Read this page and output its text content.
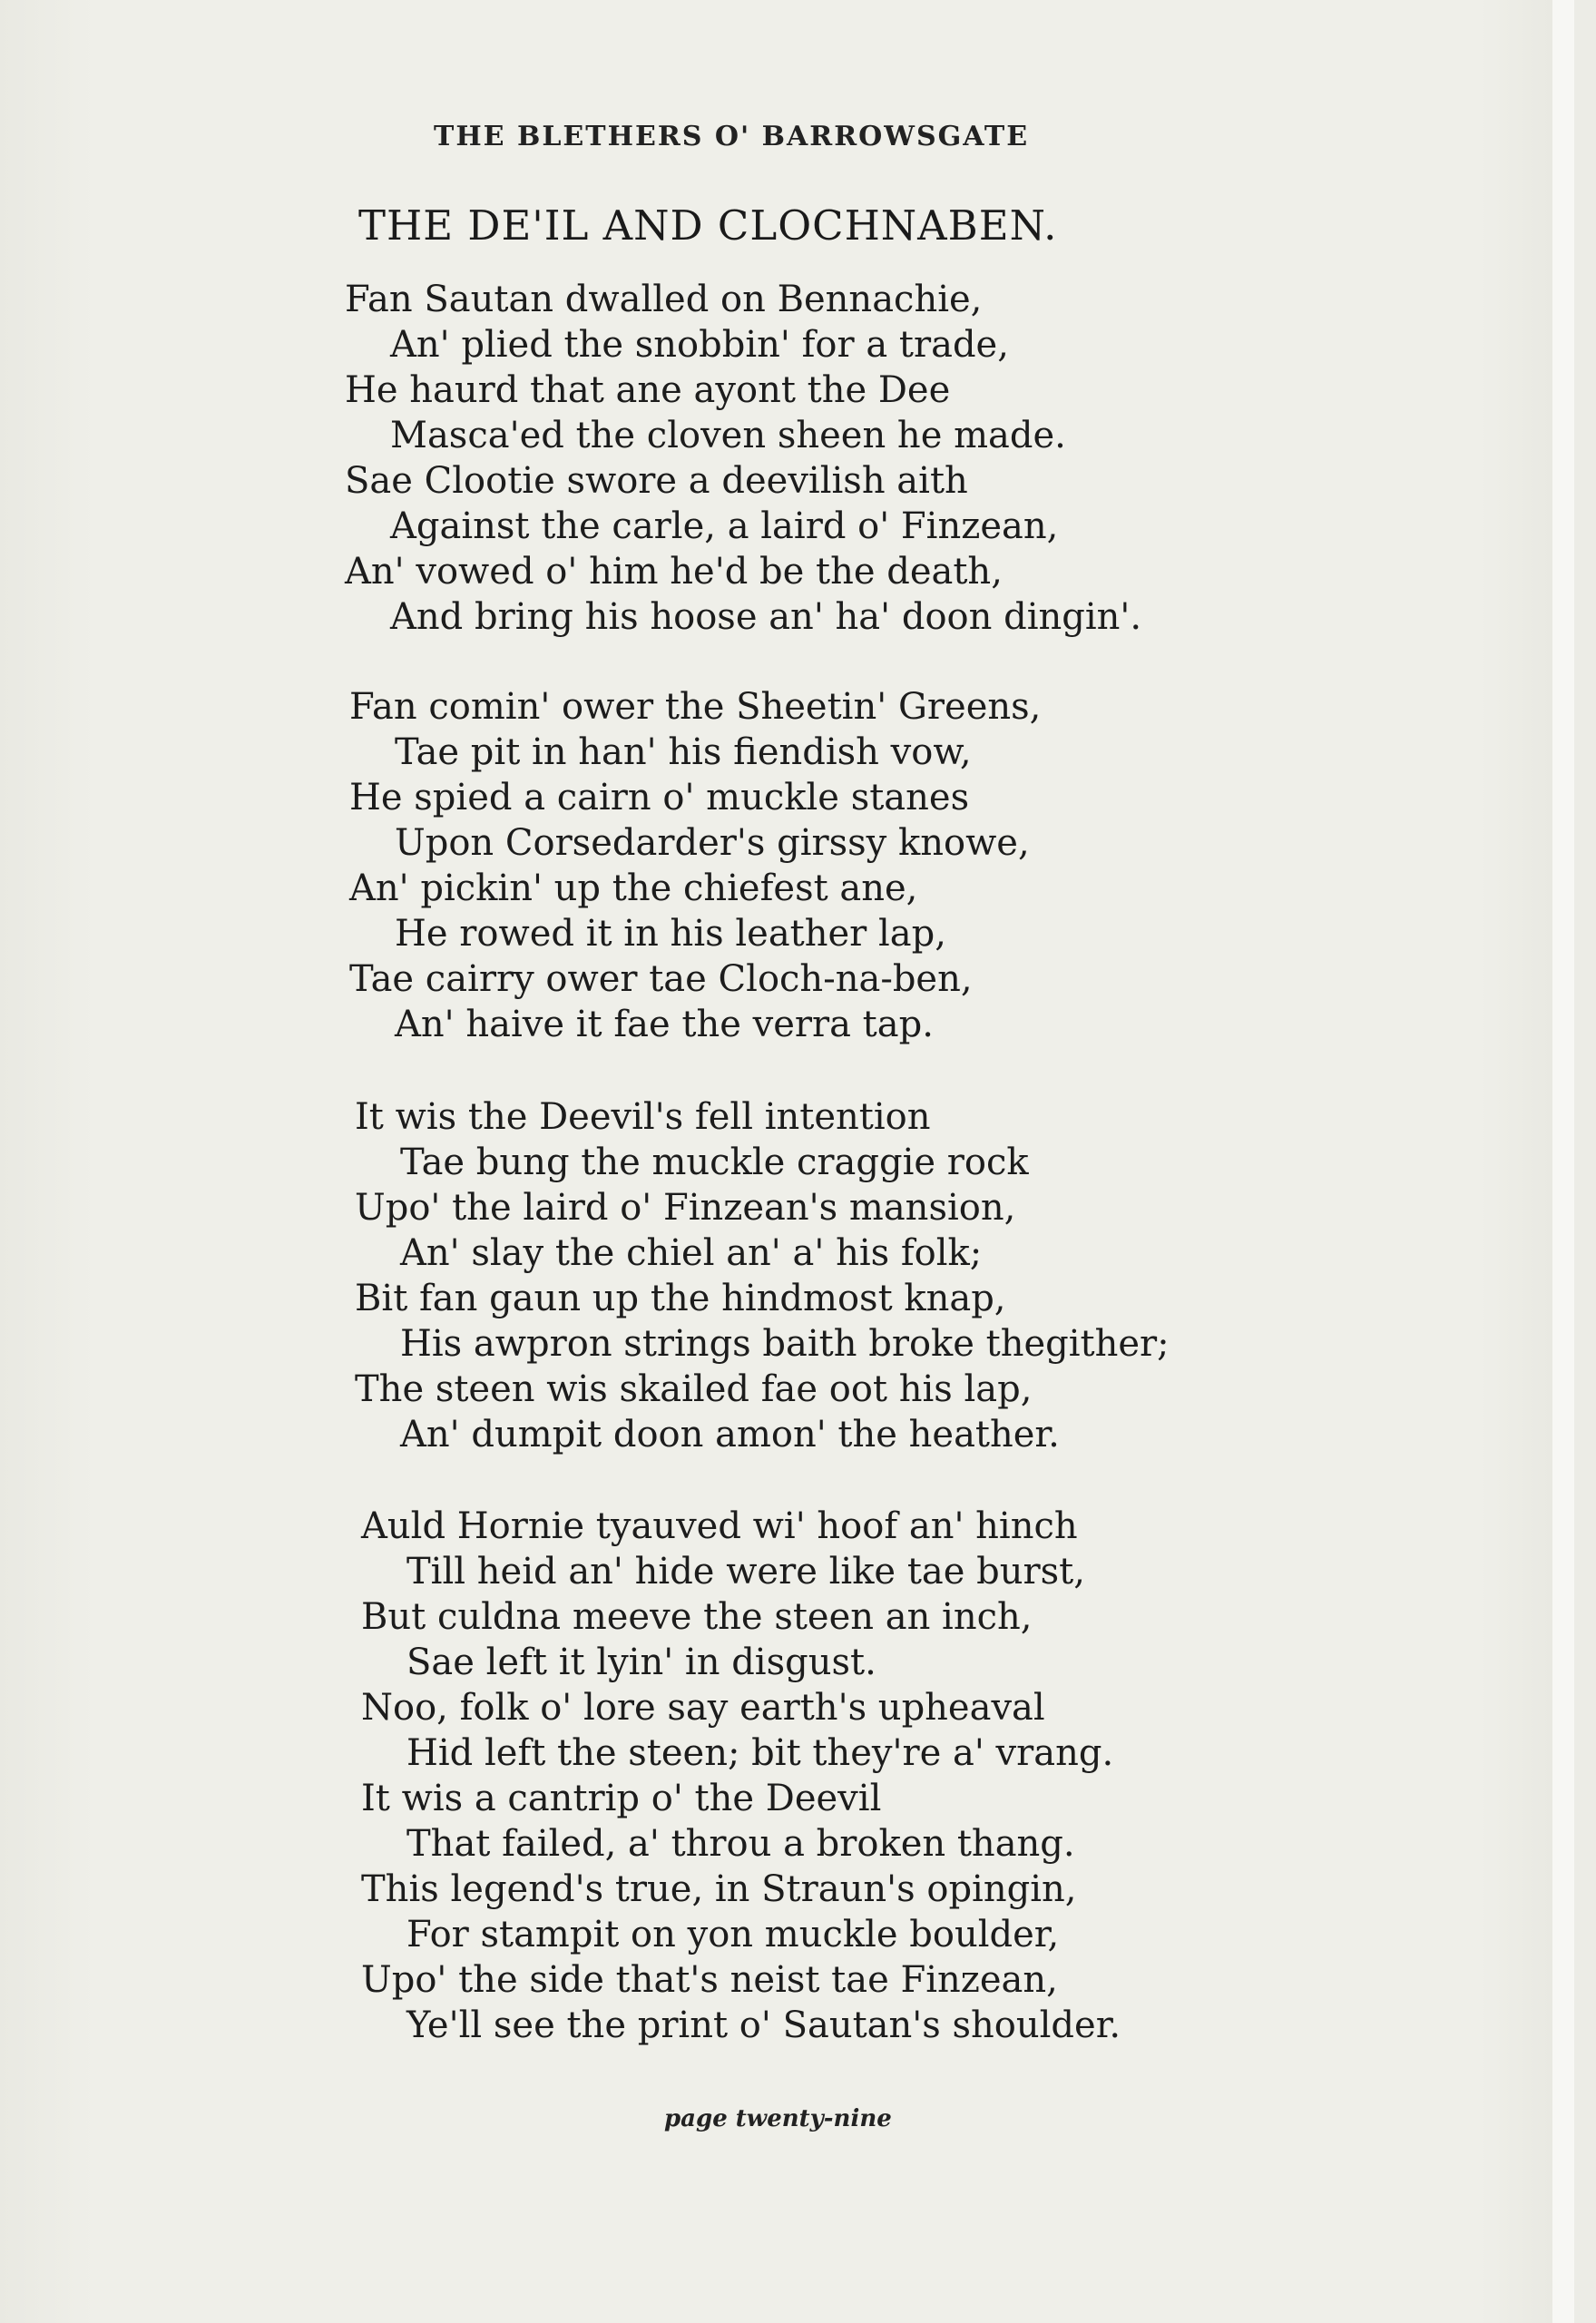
THE BLETHERS O' BARROWSGATE
THE DE'IL AND CLOCHNABEN.
Fan Sautan dwalled on Bennachie,
An' plied the snobbin' for a trade,
He haurd that ane ayont the Dee
Masca'ed the cloven sheen he made.
Sae Clootie swore a deevilish aith
Against the carle, a laird o' Finzean,
An' vowed o' him he'd be the death,
And bring his hoose an' ha' doon dingin'.
Fan comin' ower the Sheetin' Greens,
Tae pit in han' his fiendish vow,
He spied a cairn o' muckle stanes
Upon Corsedarder's girssy knowe,
An' pickin' up the chiefest ane,
He rowed it in his leather lap,
Tae cairry ower tae Cloch-na-ben,
An' haive it fae the verra tap.
It wis the Deevil's fell intention
Tae bung the muckle craggie rock
Upo' the laird o' Finzean's mansion,
An' slay the chiel an' a' his folk;
Bit fan gaun up the hindmost knap,
His awpron strings baith broke thegither;
The steen wis skailed fae oot his lap,
An' dumpit doon amon' the heather.
Auld Hornie tyauved wi' hoof an' hinch
Till heid an' hide were like tae burst,
But culdna meeve the steen an inch,
Sae left it lyin' in disgust.
Noo, folk o' lore say earth's upheaval
Hid left the steen; bit they're a' vrang.
It wis a cantrip o' the Deevil
That failed, a' throu a broken thang.
This legend's true, in Straun's opingin,
For stampit on yon muckle boulder,
Upo' the side that's neist tae Finzean,
Ye'll see the print o' Sautan's shoulder.
page twenty-nine
